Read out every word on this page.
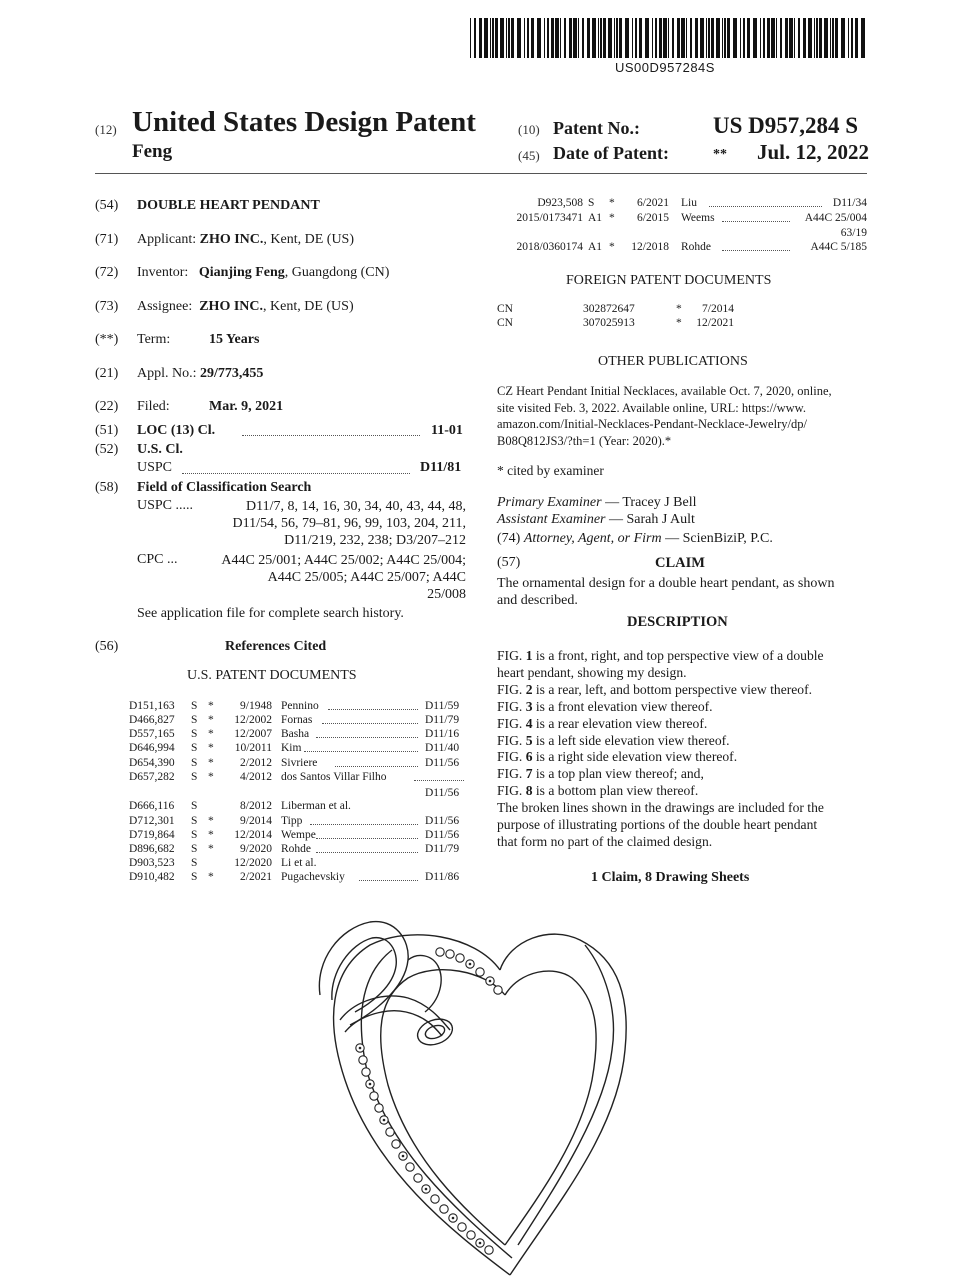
US00D957284S
(12) United States Design Patent
Feng
(10) Patent No.:	US D957,284 S
(45) Date of Patent:	** Jul. 12, 2022
(54) DOUBLE HEART PENDANT
(71) Applicant: ZHO INC., Kent, DE (US)
(72) Inventor: Qianjing Feng, Guangdong (CN)
(73) Assignee: ZHO INC., Kent, DE (US)
(**) Term:	15 Years
(21) Appl. No.: 29/773,455
(22) Filed:	Mar. 9, 2021
(51) LOC (13) Cl.	11-01
(52) U.S. Cl.
USPC	D11/81
(58) Field of Classification Search
USPC .....	D11/7, 8, 14, 16, 30, 34, 40, 43, 44, 48,
D11/54, 56, 79–81, 96, 99, 103, 204, 211,
D11/219, 232, 238; D3/207–212
CPC ...	A44C 25/001; A44C 25/002; A44C 25/004;
A44C 25/005; A44C 25/007; A44C
25/008
See application file for complete search history.
(56)	References Cited
U.S. PATENT DOCUMENTS
D151,163 S *	9/1948 Pennino	D11/59
D466,827 S *	12/2002 Fornas	D11/79
D557,165 S *	12/2007 Basha	D11/16
D646,994 S *	10/2011 Kim	D11/40
D654,390 S *	2/2012 Sivriere	D11/56
D657,282 S *	4/2012 dos Santos Villar Filho
D11/56
D666,116 S	8/2012 Liberman et al.
D712,301 S *	9/2014 Tipp	D11/56
D719,864 S *	12/2014 Wempe	D11/56
D896,682 S *	9/2020 Rohde	D11/79
D903,523 S	12/2020 Li et al.
D910,482 S *	2/2021 Pugachevskiy	D11/86
D923,508 S *	6/2021 Liu	D11/34
2015/0173471 A1 *	6/2015 Weems	A44C 25/004
63/19
2018/0360174 A1 *	12/2018 Rohde	A44C 5/185
FOREIGN PATENT DOCUMENTS
CN	302872647	*	7/2014
CN	307025913	*	12/2021
OTHER PUBLICATIONS
CZ Heart Pendant Initial Necklaces, available Oct. 7, 2020, online,
site visited Feb. 3, 2022. Available online, URL: https://www.
amazon.com/Initial-Necklaces-Pendant-Necklace-Jewelry/dp/
B08Q812JS3/?th=1 (Year: 2020).*
* cited by examiner
Primary Examiner — Tracey J Bell
Assistant Examiner — Sarah J Ault
(74) Attorney, Agent, or Firm — ScienBiziP, P.C.
(57)	CLAIM
The ornamental design for a double heart pendant, as shown
and described.
DESCRIPTION
FIG. 1 is a front, right, and top perspective view of a double
heart pendant, showing my design.
FIG. 2 is a rear, left, and bottom perspective view thereof.
FIG. 3 is a front elevation view thereof.
FIG. 4 is a rear elevation view thereof.
FIG. 5 is a left side elevation view thereof.
FIG. 6 is a right side elevation view thereof.
FIG. 7 is a top plan view thereof; and,
FIG. 8 is a bottom plan view thereof.
The broken lines shown in the drawings are included for the
purpose of illustrating portions of the double heart pendant
that form no part of the claimed design.
1 Claim, 8 Drawing Sheets
